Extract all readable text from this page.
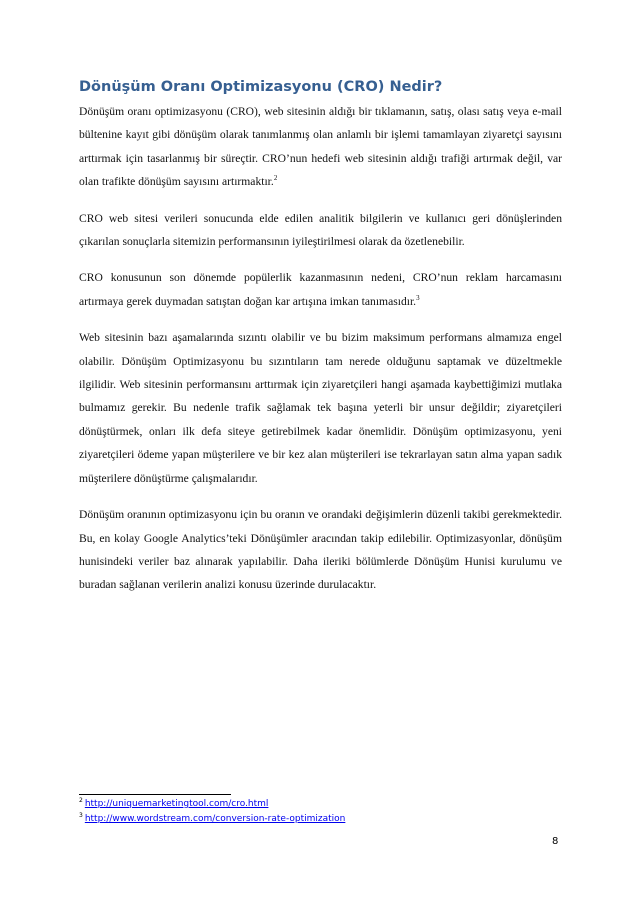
Dönüşüm Oranı Optimizasyonu (CRO) Nedir?

Dönüşüm oranı optimizasyonu (CRO), web sitesinin aldığı bir tıklamanın, satış, olası satış veya e-mail bültenine kayıt gibi dönüşüm olarak tanımlanmış olan anlamlı bir işlemi tamamlayan ziyaretçi sayısını arttırmak için tasarlanmış bir süreçtir. CRO’nun hedefi web sitesinin aldığı trafiği artırmak değil, var olan trafikte dönüşüm sayısını artırmaktır.$^2$

CRO web sitesi verileri sonucunda elde edilen analitik bilgilerin ve kullanıcı geri dönüşlerinden çıkarılan sonuçlarla sitemizin performansının iyileştirilmesi olarak da özetlenebilir.

CRO konusunun son dönemde popülerlik kazanmasının nedeni, CRO’nun reklam harcamasını artırmaya gerek duymadan satıştan doğan kar artışına imkan tanımasıdır.$^3$

Web sitesinin bazı aşamalarında sızıntı olabilir ve bu bizim maksimum performans almamıza engel olabilir. Dönüşüm Optimizasyonu bu sızıntıların tam nerede olduğunu saptamak ve düzeltmekle ilgilidir. Web sitesinin performansını arttırmak için ziyaretçileri hangi aşamada kaybettiğimizi mutlaka bulmamız gerekir. Bu nedenle trafik sağlamak tek başına yeterli bir unsur değildir; ziyaretçileri dönüştürmek, onları ilk defa siteye getirebilmek kadar önemlidir. Dönüşüm optimizasyonu, yeni ziyaretçileri ödeme yapan müşterilere ve bir kez alan müşterileri ise tekrarlayan satın alma yapan sadık müşterilere dönüştürme çalışmalarıdır.

Dönüşüm oranının optimizasyonu için bu oranın ve orandaki değişimlerin düzenli takibi gerekmektedir. Bu, en kolay Google Analytics’teki Dönüşümler aracından takip edilebilir. Optimizasyonlar, dönüşüm hunisindeki veriler baz alınarak yapılabilir. Daha ileriki bölümlerde Dönüşüm Hunisi kurulumu ve buradan sağlanan verilerin analizi konusu üzerinde durulacaktır.

$^2$ http://uniquemarketingtool.com/cro.html
$^3$ http://www.wordstream.com/conversion-rate-optimization
8
